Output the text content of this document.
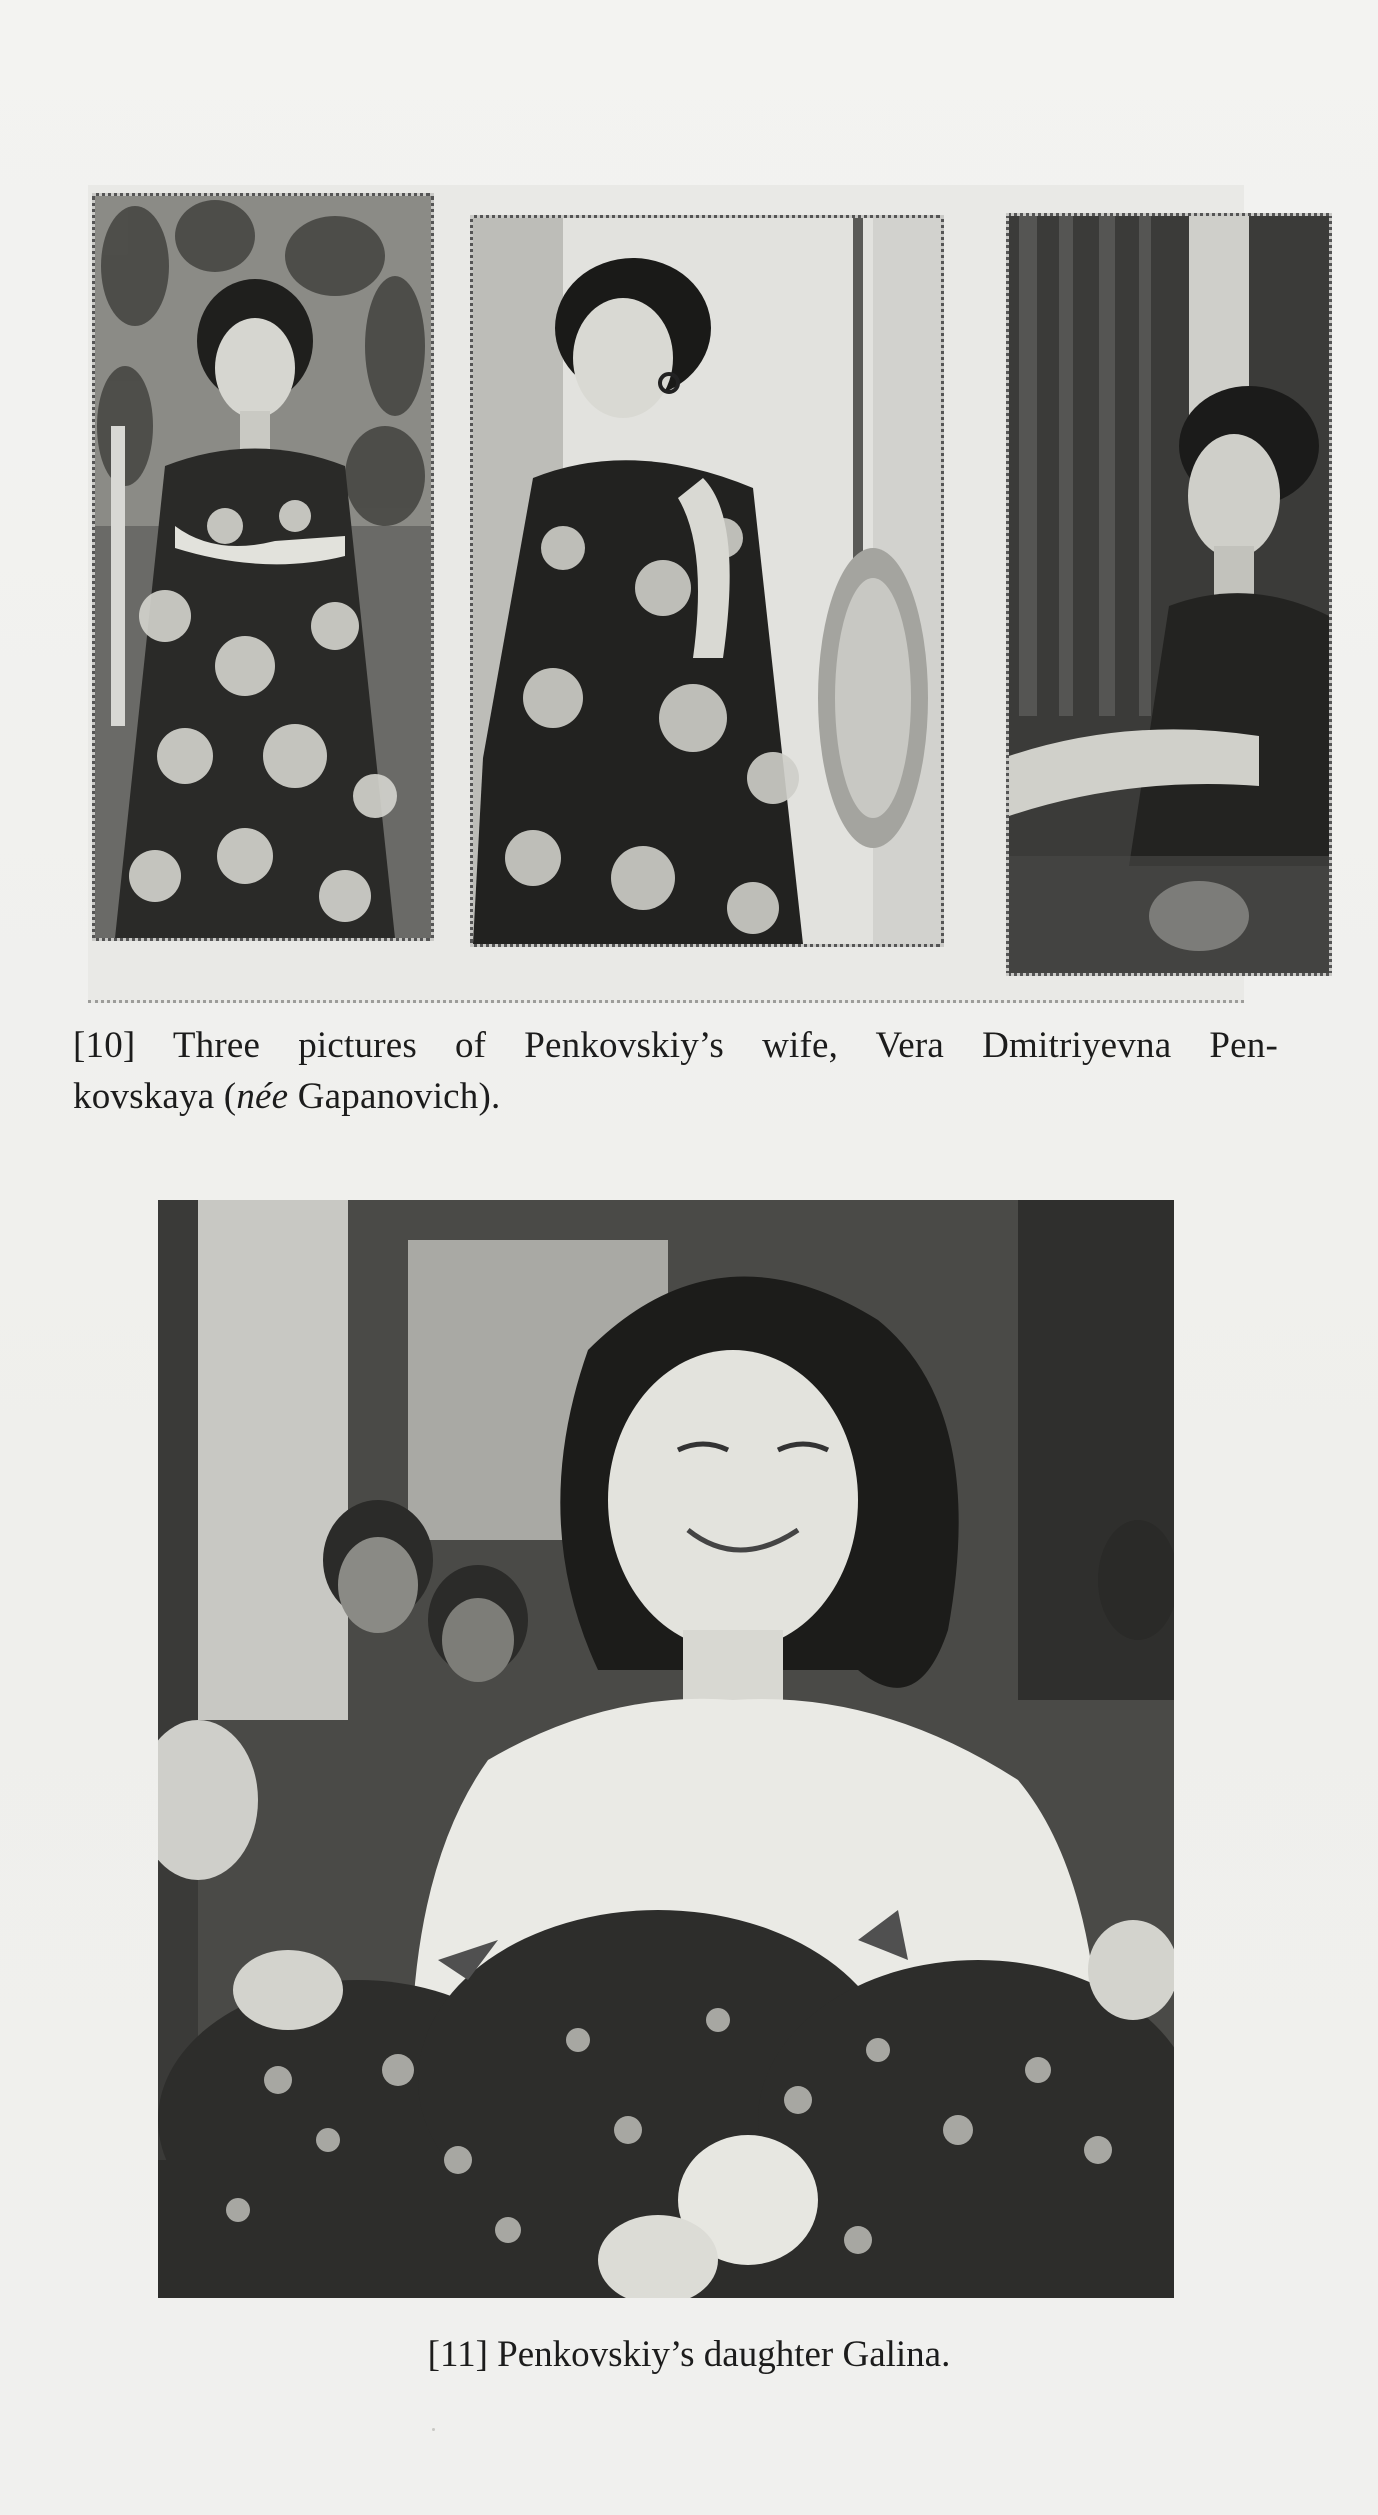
[10] Three pictures of Penkovskiy’s wife, Vera Dmitriyevna Pen-
kovskaya (née Gapanovich).
[11] Penkovskiy’s daughter Galina.
